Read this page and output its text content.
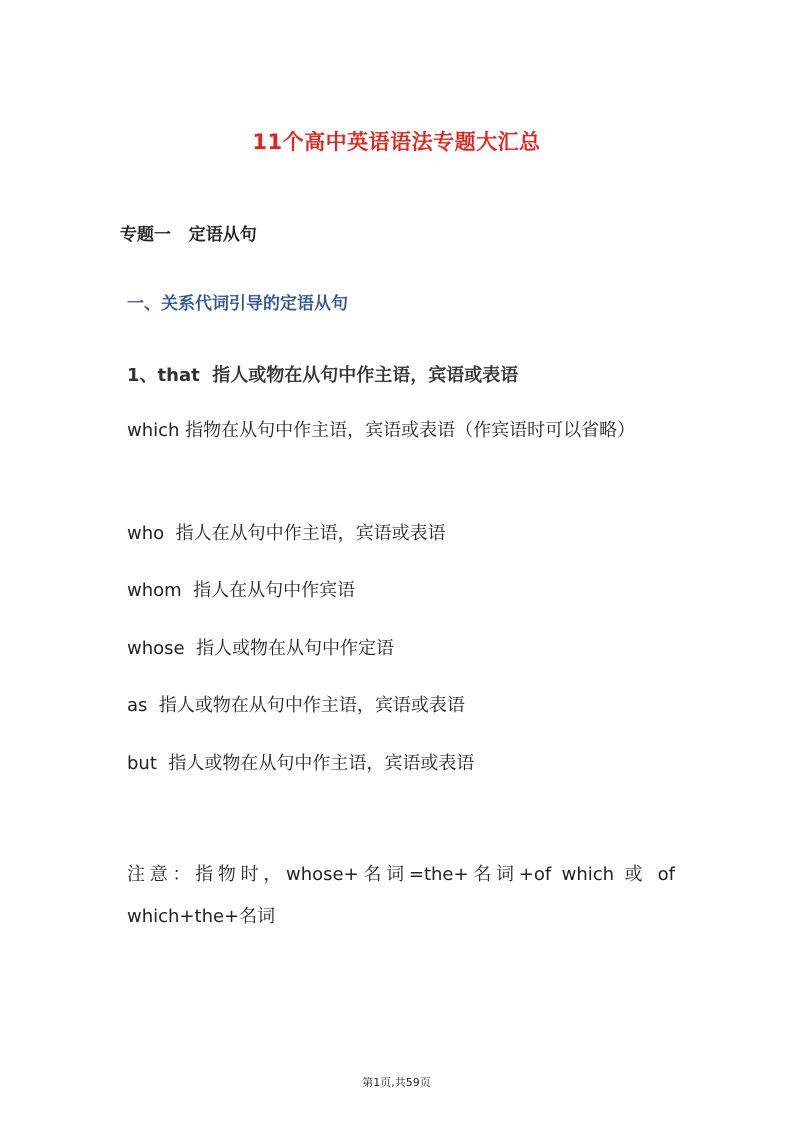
11个高中英语语法专题大汇总
专题一   定语从句
一、关系代词引导的定语从句
1、that  指人或物在从句中作主语，宾语或表语
which 指物在从句中作主语，宾语或表语（作宾语时可以省略）
who  指人在从句中作主语，宾语或表语
whom  指人在从句中作宾语
whose  指人或物在从句中作定语
as  指人或物在从句中作主语，宾语或表语
but  指人或物在从句中作主语，宾语或表语
注意：指物时，whose+名词=the+名词+of which 或 of which+the+名词
第1页,共59页
